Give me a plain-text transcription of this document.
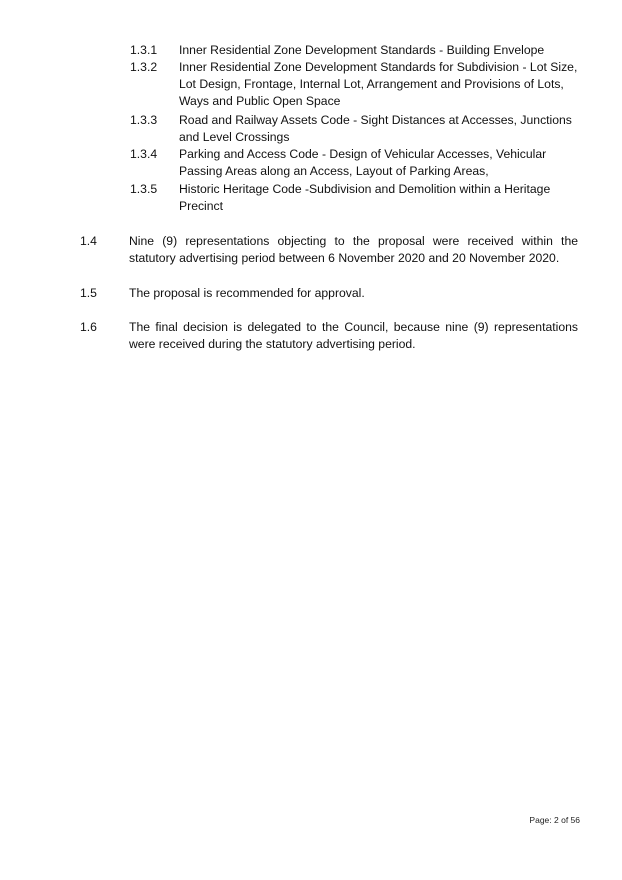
1.3.1 Inner Residential Zone Development Standards - Building Envelope
1.3.2 Inner Residential Zone Development Standards for Subdivision - Lot Size, Lot Design, Frontage, Internal Lot, Arrangement and Provisions of Lots, Ways and Public Open Space
1.3.3 Road and Railway Assets Code - Sight Distances at Accesses, Junctions and Level Crossings
1.3.4 Parking and Access Code - Design of Vehicular Accesses, Vehicular Passing Areas along an Access, Layout of Parking Areas,
1.3.5 Historic Heritage Code -Subdivision and Demolition within a Heritage Precinct
1.4	Nine (9) representations objecting to the proposal were received within the statutory advertising period between 6 November 2020 and 20 November 2020.
1.5	The proposal is recommended for approval.
1.6	The final decision is delegated to the Council, because nine (9) representations were received during the statutory advertising period.
Page: 2 of 56
